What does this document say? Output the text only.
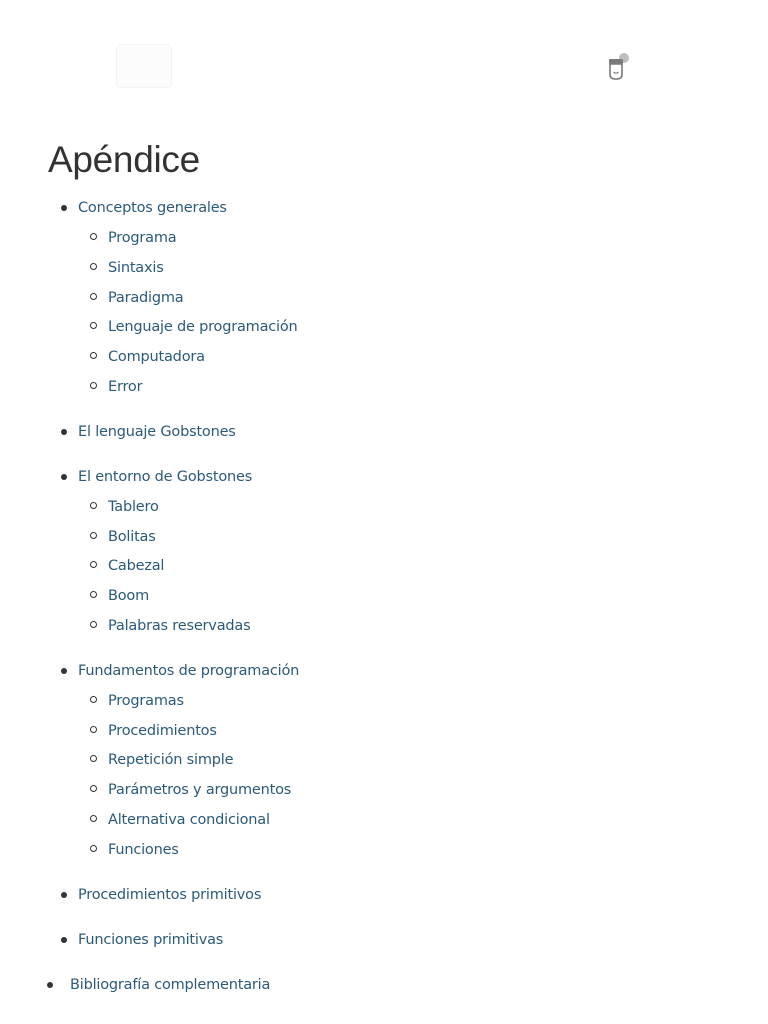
Apéndice
Conceptos generales
Programa
Sintaxis
Paradigma
Lenguaje de programación
Computadora
Error
El lenguaje Gobstones
El entorno de Gobstones
Tablero
Bolitas
Cabezal
Boom
Palabras reservadas
Fundamentos de programación
Programas
Procedimientos
Repetición simple
Parámetros y argumentos
Alternativa condicional
Funciones
Procedimientos primitivos
Funciones primitivas
Bibliografía complementaria
